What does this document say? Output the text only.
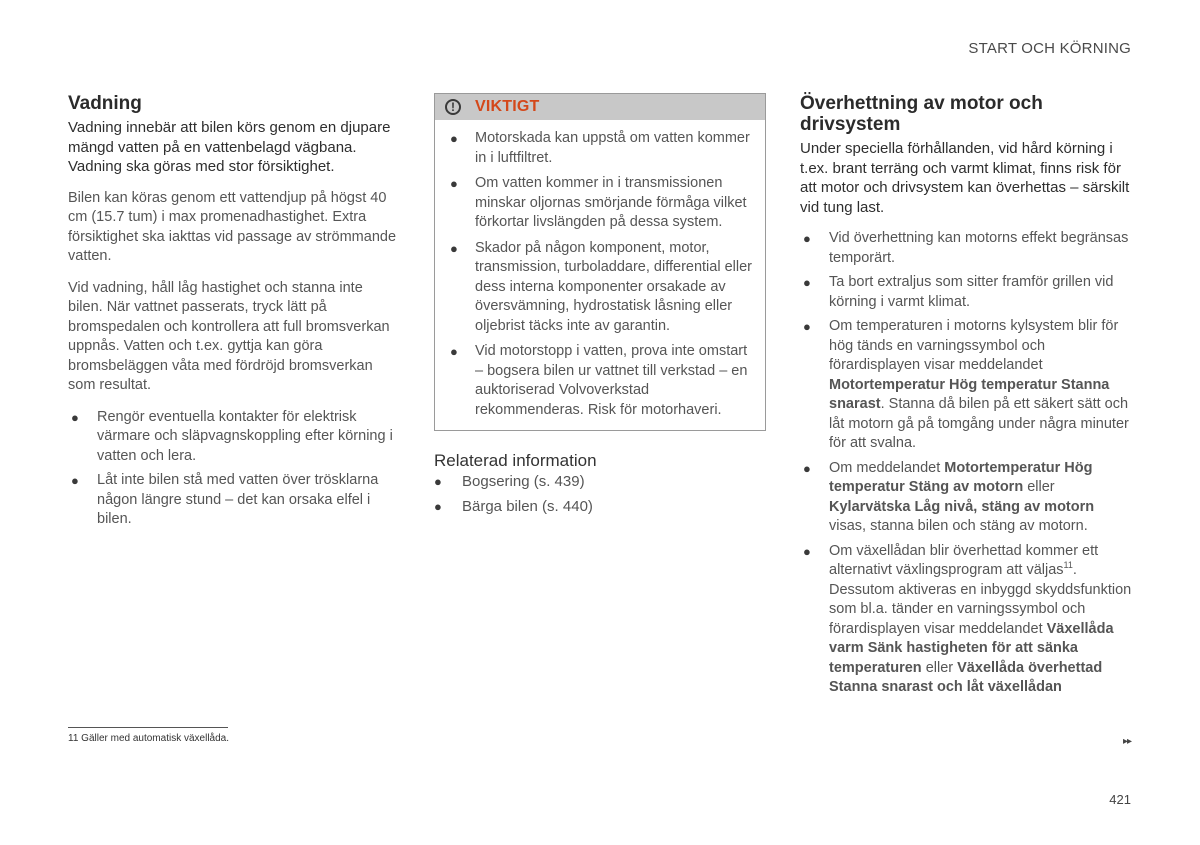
START OCH KÖRNING
Vadning

Vadning innebär att bilen körs genom en djupare mängd vatten på en vattenbelagd vägbana. Vadning ska göras med stor försiktighet.

Bilen kan köras genom ett vattendjup på högst 40 cm (15.7 tum) i max promenadhastighet. Extra försiktighet ska iakttas vid passage av strömmande vatten.

Vid vadning, håll låg hastighet och stanna inte bilen. När vattnet passerats, tryck lätt på bromspedalen och kontrollera att full bromsverkan uppnås. Vatten och t.ex. gyttja kan göra bromsbeläggen våta med fördröjd bromsverkan som resultat.

● Rengör eventuella kontakter för elektrisk värmare och släpvagnskoppling efter körning i vatten och lera.
● Låt inte bilen stå med vatten över trösklarna någon längre stund – det kan orsaka elfel i bilen.
!	VIKTIGT
● Motorskada kan uppstå om vatten kommer in i luftfiltret.
● Om vatten kommer in i transmissionen minskar oljornas smörjande förmåga vilket förkortar livslängden på dessa system.
● Skador på någon komponent, motor, transmission, turboladdare, differential eller dess interna komponenter orsakade av översvämning, hydrostatisk låsning eller oljebrist täcks inte av garantin.
● Vid motorstopp i vatten, prova inte omstart – bogsera bilen ur vattnet till verkstad – en auktoriserad Volvoverkstad rekommenderas. Risk för motorhaveri.
Relaterad information
● Bogsering (s. 439)
● Bärga bilen (s. 440)
Överhettning av motor och drivsystem

Under speciella förhållanden, vid hård körning i t.ex. brant terräng och varmt klimat, finns risk för att motor och drivsystem kan överhettas – särskilt vid tung last.

● Vid överhettning kan motorns effekt begränsas temporärt.
● Ta bort extraljus som sitter framför grillen vid körning i varmt klimat.
● Om temperaturen i motorns kylsystem blir för hög tänds en varningssymbol och förardisplayen visar meddelandet Motortemperatur Hög temperatur Stanna snarast. Stanna då bilen på ett säkert sätt och låt motorn gå på tomgång under några minuter för att svalna.
● Om meddelandet Motortemperatur Hög temperatur Stäng av motorn eller Kylarvätska Låg nivå, stäng av motorn visas, stanna bilen och stäng av motorn.
● Om växellådan blir överhettad kommer ett alternativt växlingsprogram att väljas$^{11}$. Dessutom aktiveras en inbyggd skyddsfunktion som bl.a. tänder en varningssymbol och förardisplayen visar meddelandet Växellåda varm Sänk hastigheten för att sänka temperaturen eller Växellåda överhettad Stanna snarast och låt växellådan
11 Gäller med automatisk växellåda.	▸▸
421
